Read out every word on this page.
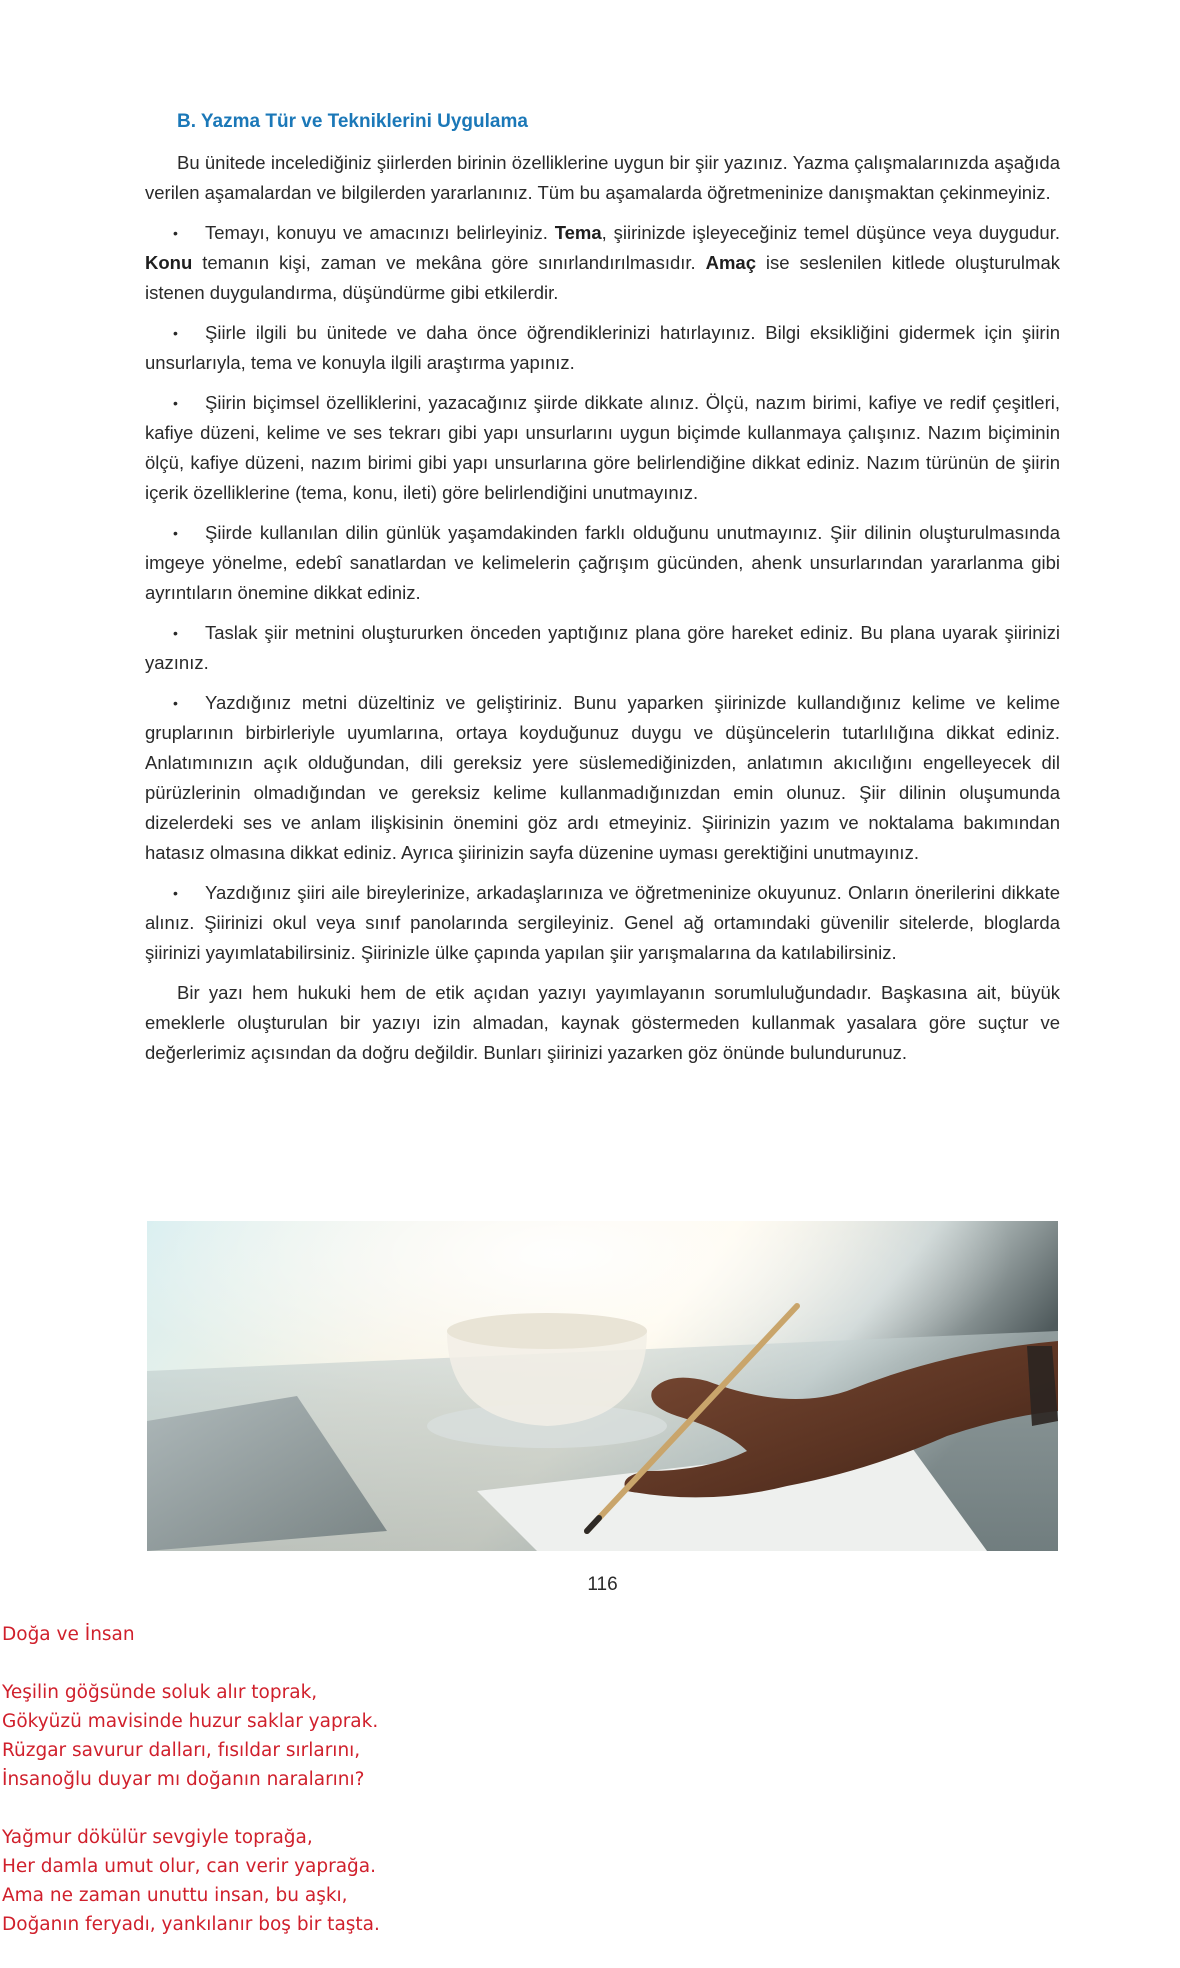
B. Yazma Tür ve Tekniklerini Uygulama

Bu ünitede incelediğiniz şiirlerden birinin özelliklerine uygun bir şiir yazınız. Yazma çalışmalarınızda aşağıda verilen aşamalardan ve bilgilerden yararlanınız. Tüm bu aşamalarda öğretmeninize danışmaktan çekinmeyiniz.

• Temayı, konuyu ve amacınızı belirleyiniz. Tema, şiirinizde işleyeceğiniz temel düşünce veya duygudur. Konu temanın kişi, zaman ve mekâna göre sınırlandırılmasıdır. Amaç ise seslenilen kitlede oluşturulmak istenen duygulandırma, düşündürme gibi etkilerdir.

• Şiirle ilgili bu ünitede ve daha önce öğrendiklerinizi hatırlayınız. Bilgi eksikliğini gidermek için şiirin unsurlarıyla, tema ve konuyla ilgili araştırma yapınız.

• Şiirin biçimsel özelliklerini, yazacağınız şiirde dikkate alınız. Ölçü, nazım birimi, kafiye ve redif çeşitleri, kafiye düzeni, kelime ve ses tekrarı gibi yapı unsurlarını uygun biçimde kullanmaya çalışınız. Nazım biçiminin ölçü, kafiye düzeni, nazım birimi gibi yapı unsurlarına göre belirlendiğine dikkat ediniz. Nazım türünün de şiirin içerik özelliklerine (tema, konu, ileti) göre belirlendiğini unutmayınız.

• Şiirde kullanılan dilin günlük yaşamdakinden farklı olduğunu unutmayınız. Şiir dilinin oluşturulmasında imgeye yönelme, edebî sanatlardan ve kelimelerin çağrışım gücünden, ahenk unsurlarından yararlanma gibi ayrıntıların önemine dikkat ediniz.

• Taslak şiir metnini oluştururken önceden yaptığınız plana göre hareket ediniz. Bu plana uyarak şiirinizi yazınız.

• Yazdığınız metni düzeltiniz ve geliştiriniz. Bunu yaparken şiirinizde kullandığınız kelime ve kelime gruplarının birbirleriyle uyumlarına, ortaya koyduğunuz duygu ve düşüncelerin tutarlılığına dikkat ediniz. Anlatımınızın açık olduğundan, dili gereksiz yere süslemediğinizden, anlatımın akıcılığını engelleyecek dil pürüzlerinin olmadığından ve gereksiz kelime kullanmadığınızdan emin olunuz. Şiir dilinin oluşumunda dizelerdeki ses ve anlam ilişkisinin önemini göz ardı etmeyiniz. Şiirinizin yazım ve noktalama bakımından hatasız olmasına dikkat ediniz. Ayrıca şiirinizin sayfa düzenine uyması gerektiğini unutmayınız.

• Yazdığınız şiiri aile bireylerinize, arkadaşlarınıza ve öğretmeninize okuyunuz. Onların önerilerini dikkate alınız. Şiirinizi okul veya sınıf panolarında sergileyiniz. Genel ağ ortamındaki güvenilir sitelerde, bloglarda şiirinizi yayımlatabilirsiniz. Şiirinizle ülke çapında yapılan şiir yarışmalarına da katılabilirsiniz.

Bir yazı hem hukuki hem de etik açıdan yazıyı yayımlayanın sorumluluğundadır. Başkasına ait, büyük emeklerle oluşturulan bir yazıyı izin almadan, kaynak göstermeden kullanmak yasalara göre suçtur ve değerlerimiz açısından da doğru değildir. Bunları şiirinizi yazarken göz önünde bulundurunuz.

116
Doğa ve İnsan
Yeşilin göğsünde soluk alır toprak,
Gökyüzü mavisinde huzur saklar yaprak.
Rüzgar savurur dalları, fısıldar sırlarını,
İnsanoğlu duyar mı doğanın naralarını?
Yağmur dökülür sevgiyle toprağa,
Her damla umut olur, can verir yaprağa.
Ama ne zaman unuttu insan, bu aşkı,
Doğanın feryadı, yankılanır boş bir taşta.
